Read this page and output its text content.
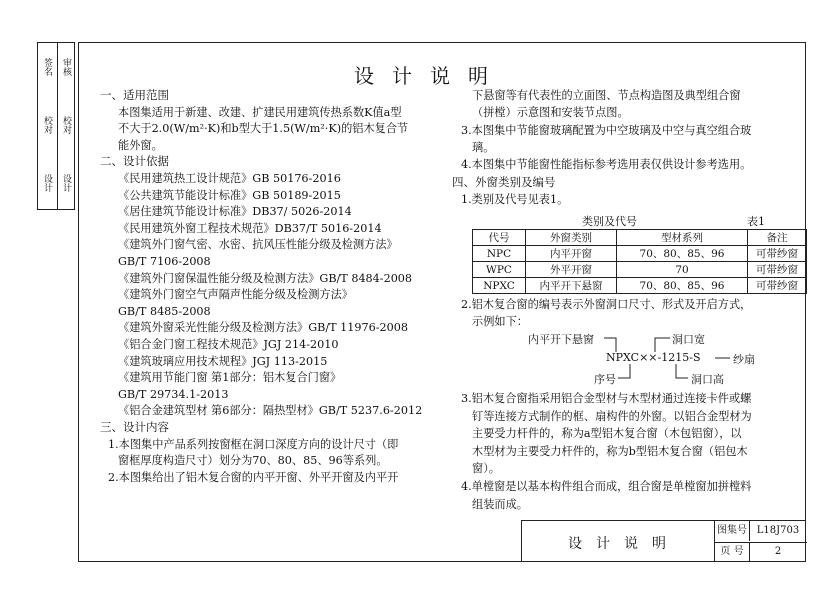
签名
校对
设计
审核
校对
设计
设计说明
一、适用范围
本图集适用于新建、改建、扩建民用建筑传热系数K值a型
不大于2.0(W/m²·K)和b型大于1.5(W/m²·K)的铝木复合节
能外窗。
二、设计依据
《民用建筑热工设计规范》GB 50176-2016
《公共建筑节能设计标准》GB 50189-2015
《居住建筑节能设计标准》DB37/ 5026-2014
《民用建筑外窗工程技术规范》DB37/T 5016-2014
《建筑外门窗气密、水密、抗风压性能分级及检测方法》
GB/T 7106-2008
《建筑外门窗保温性能分级及检测方法》GB/T 8484-2008
《建筑外门窗空气声隔声性能分级及检测方法》
GB/T 8485-2008
《建筑外窗采光性能分级及检测方法》GB/T 11976-2008
《铝合金门窗工程技术规范》JGJ 214-2010
《建筑玻璃应用技术规程》JGJ 113-2015
《建筑用节能门窗 第1部分：铝木复合门窗》
GB/T 29734.1-2013
《铝合金建筑型材 第6部分：隔热型材》GB/T 5237.6-2012
三、设计内容
1.本图集中产品系列按窗框在洞口深度方向的设计尺寸（即
窗框厚度构造尺寸）划分为70、80、85、96等系列。
2.本图集给出了铝木复合窗的内平开窗、外平开窗及内平开
下悬窗等有代表性的立面图、节点构造图及典型组合窗
（拼樘）示意图和安装节点图。
3.本图集中节能窗玻璃配置为中空玻璃及中空与真空组合玻
璃。
4.本图集中节能窗性能指标参考选用表仅供设计参考选用。
四、外窗类别及编号
1.类别及代号见表1。
类别及代号	表1
代号	外窗类别	型材系列	备注
NPC	内平开窗	70、80、85、96	可带纱窗
WPC	外平开窗	70	可带纱窗
NPXC	内平开下悬窗	70、80、85、96	可带纱窗
2.铝木复合窗的编号表示外窗洞口尺寸、形式及开启方式，
示例如下：
内平开下悬窗	洞口宽
NPXC××-1215-S	纱扇
序号	洞口高
3.铝木复合窗指采用铝合金型材与木型材通过连接卡件或螺
钉等连接方式制作的框、扇构件的外窗。以铝合金型材为
主要受力杆件的，称为a型铝木复合窗（木包铝窗），以
木型材为主要受力杆件的，称为b型铝木复合窗（铝包木
窗）。
4.单樘窗是以基本构件组合而成，组合窗是单樘窗加拼樘料
组装而成。
设计说明
图集号 L18J703
页 号	2
